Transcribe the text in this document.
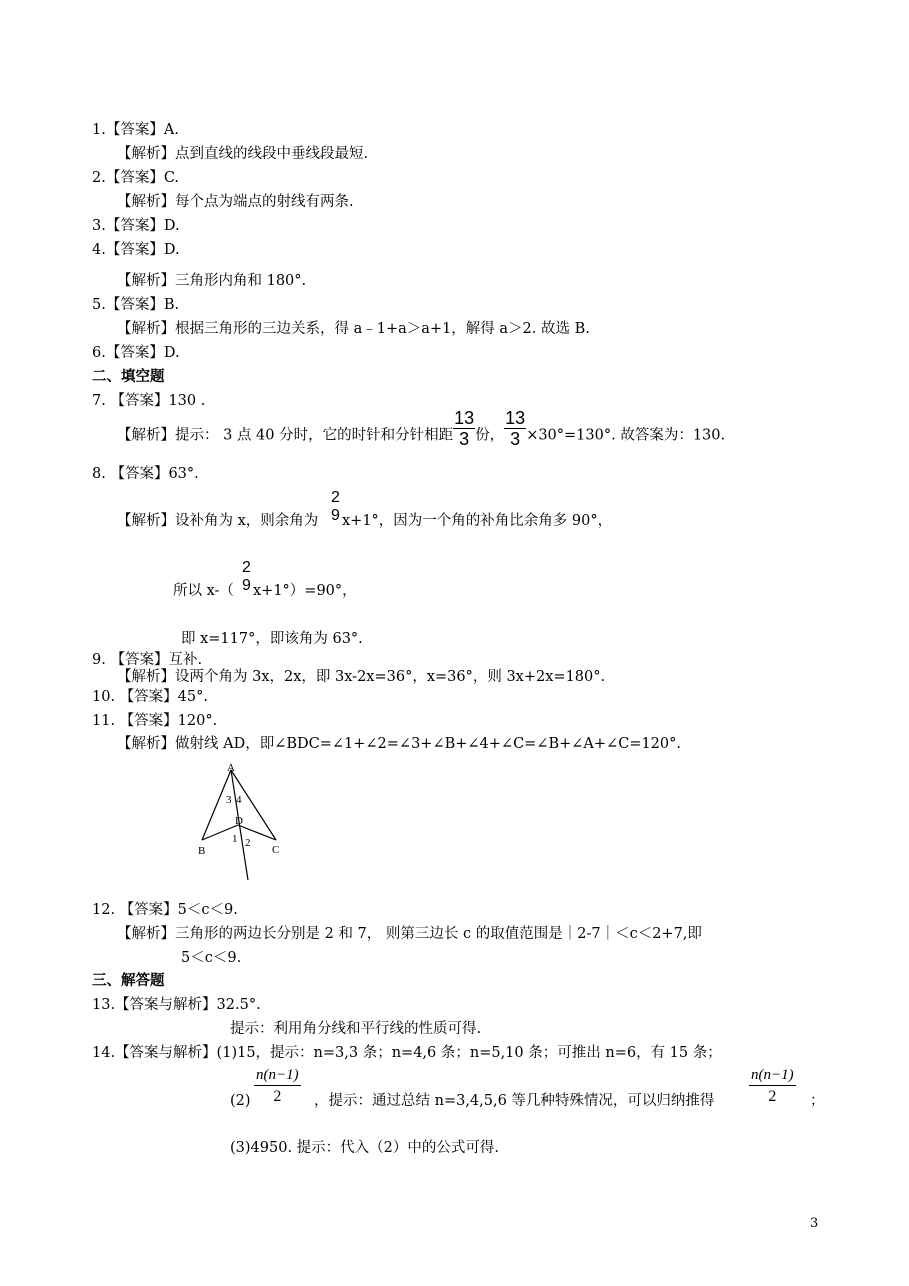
1.【答案】A.
【解析】点到直线的线段中垂线段最短.
2.【答案】C.
【解析】每个点为端点的射线有两条.
3.【答案】D.
4.【答案】D.
【解析】三角形内角和 180°.
5.【答案】B.
【解析】根据三角形的三边关系，得 a﹣1+a＞a+1，解得 a＞2. 故选 B.
6.【答案】D.
二、填空题
7. 【答案】130 .
【解析】提示： 3 点 40 分时，它的时针和分针相距 $\frac{13}{3}$ 份， $\frac{13}{3} \times 30^\circ=130^\circ$. 故答案为：130.
8. 【答案】63°.
2
9
【解析】设补角为 x，则余角为 x+1°，因为一个角的补角比余角多 90°，
2
9
所以 x-（ x+1°）=90°，
即 x=117°，即该角为 63°.
9. 【答案】互补.
【解析】设两个角为 3x，2x，即 3x-2x=36°，x=36°，则 3x+2x=180°.
10. 【答案】45°.
11. 【答案】120°.
【解析】做射线 AD，即∠BDC=∠1+∠2=∠3+∠B+∠4+∠C=∠B+∠A+∠C=120°.
A
B	C
D
3 4
1 2
12. 【答案】5＜c＜9.
【解析】三角形的两边长分别是 2 和 7， 则第三边长 c 的取值范围是｜2-7｜＜c＜2+7,即
5＜c＜9.
三、解答题
13.【答案与解析】32.5°.
提示：利用角分线和平行线的性质可得.
14.【答案与解析】(1)15，提示：n=3,3 条；n=4,6 条；n=5,10 条；可推出 n=6，有 15 条；
$\frac{n(n-1)}{2}$
(2)	，提示：通过总结 n=3,4,5,6 等几种特殊情况，可以归纳推得 $\frac{n(n-1)}{2}$ ；
(3)4950. 提示：代入（2）中的公式可得.
3
